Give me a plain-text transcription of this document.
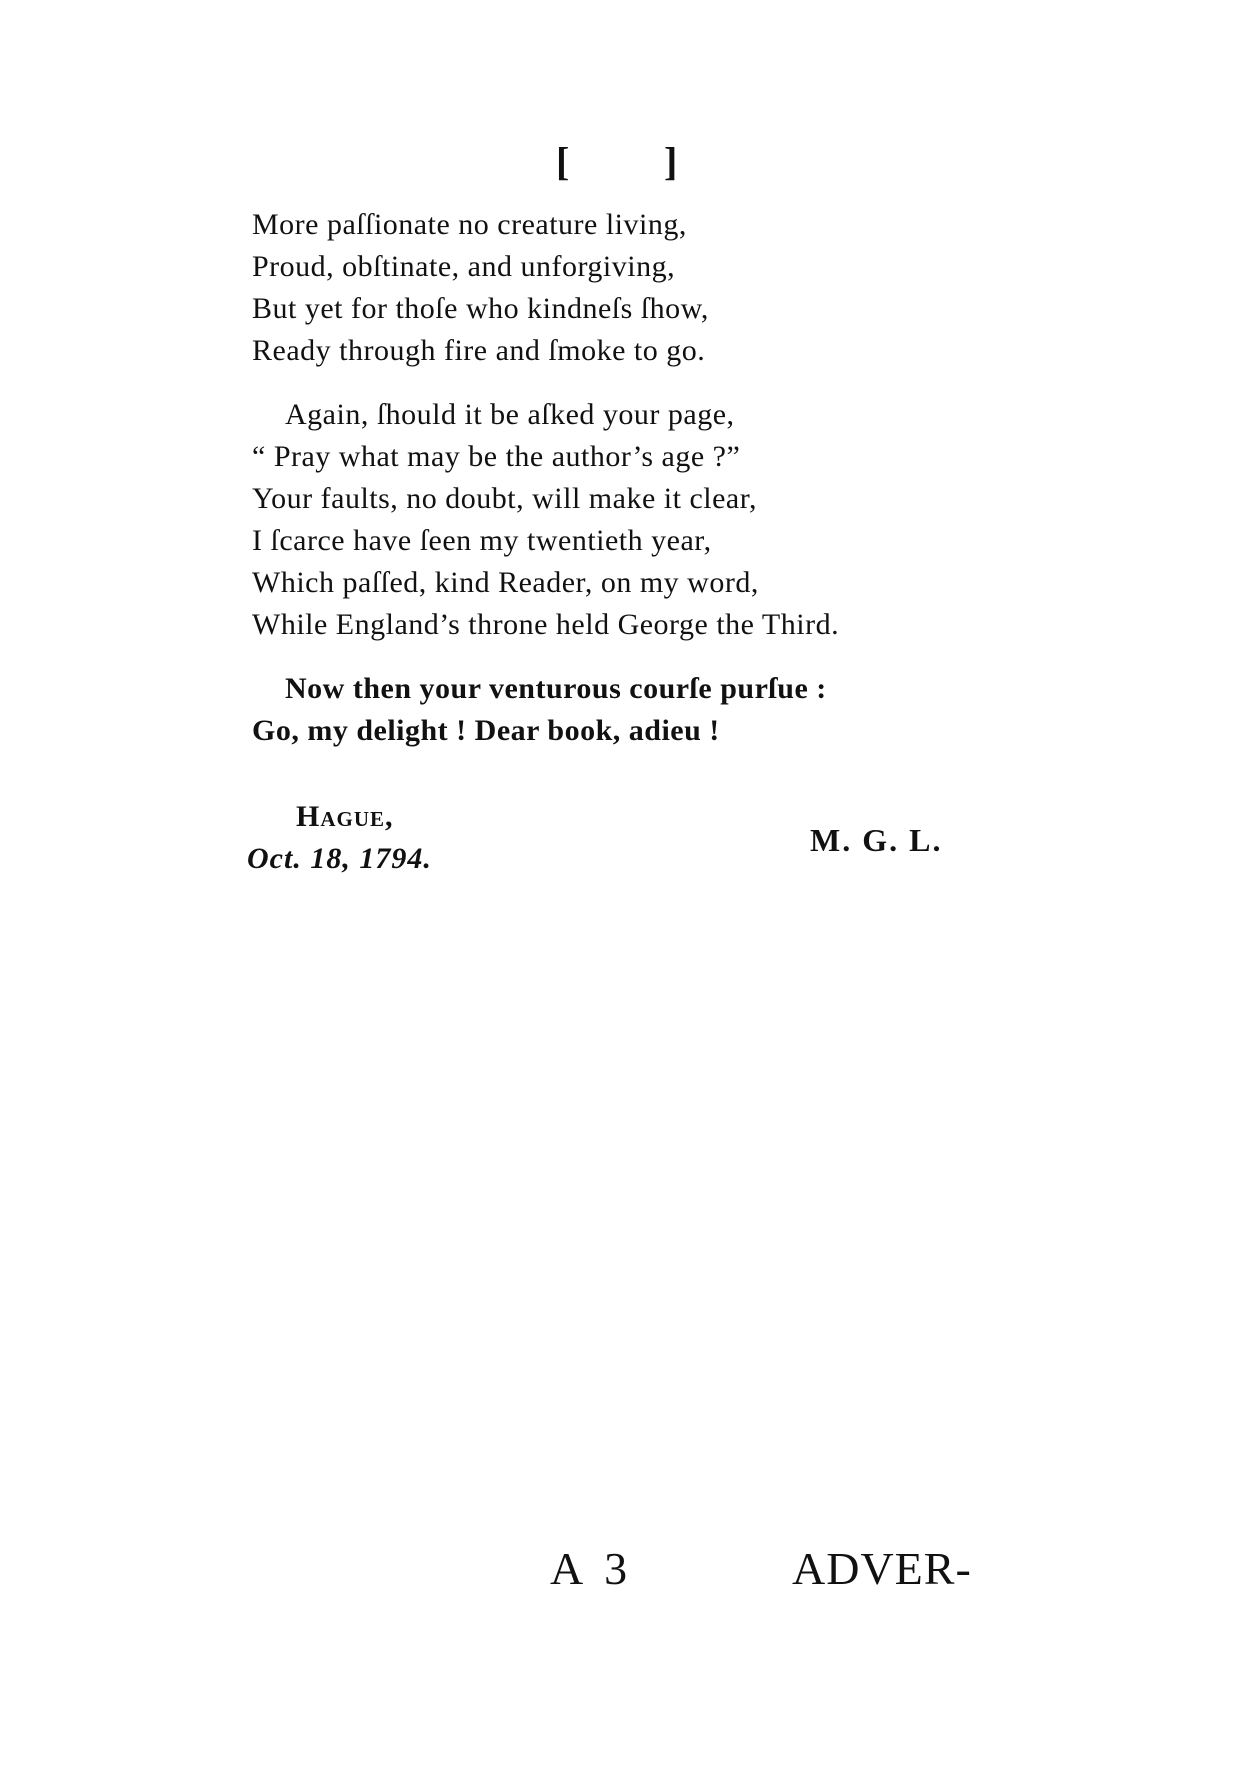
[ ]
More paſſionate no creature living,
Proud, obſtinate, and unforgiving,
But yet for thoſe who kindneſs ſhow,
Ready through fire and ſmoke to go.
Again, ſhould it be aſked your page,
“ Pray what may be the author’s age ?”
Your faults, no doubt, will make it clear,
I ſcarce have ſeen my twentieth year,
Which paſſed, kind Reader, on my word,
While England’s throne held George the Third.
Now then your venturous courſe purſue :
Go, my delight ! Dear book, adieu !
Hague,
Oct. 18, 1794.
M. G. L.
A 3	ADVER-
